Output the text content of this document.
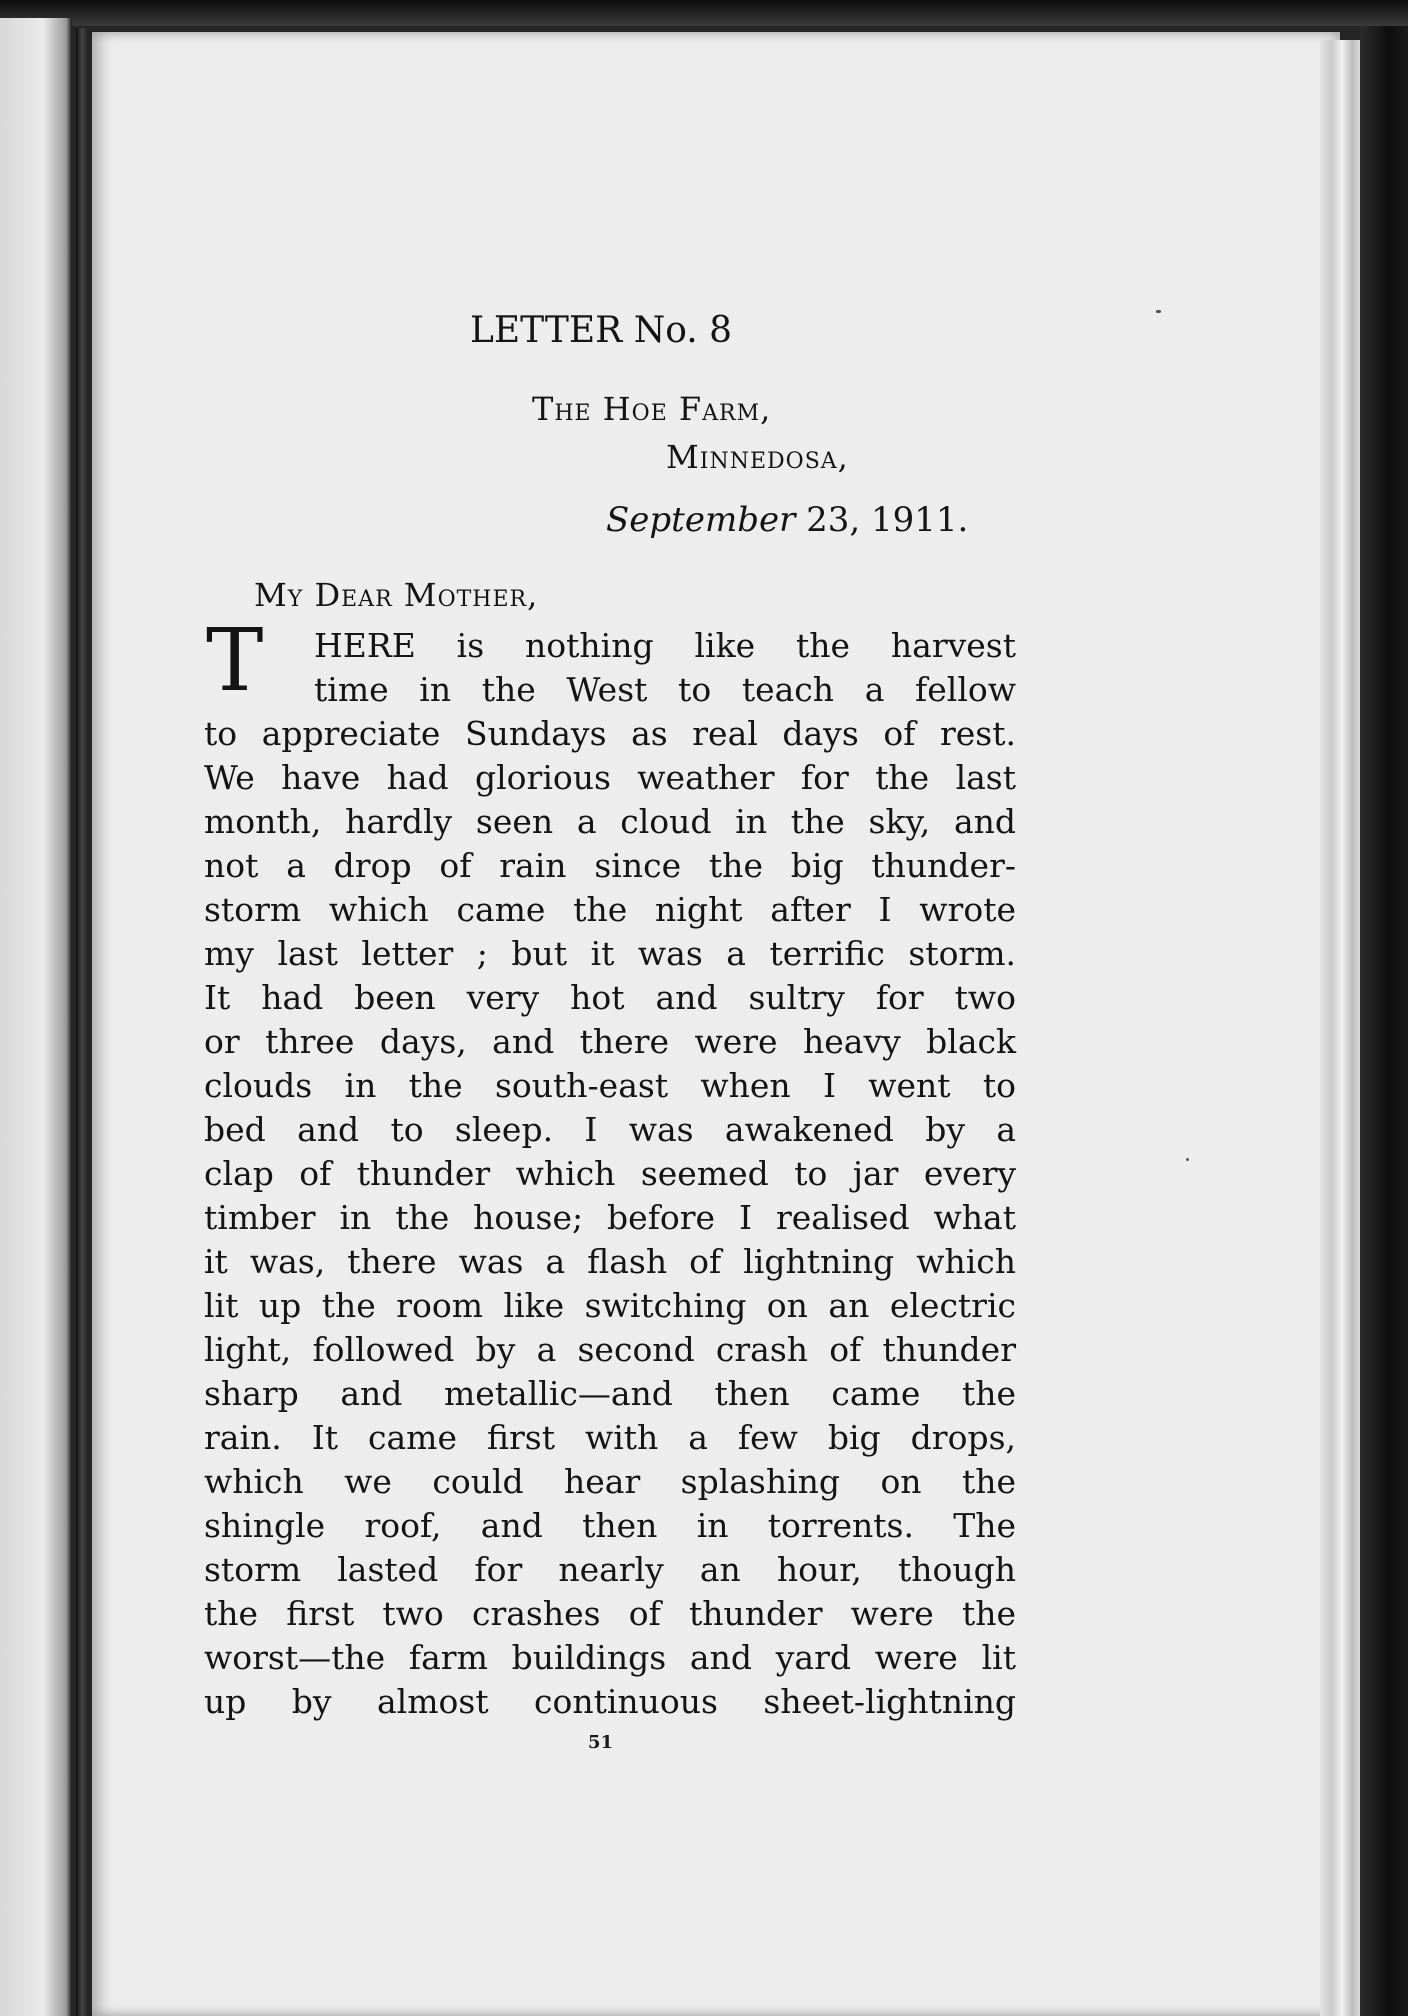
LETTER No. 8
The Hoe Farm,
Minnedosa,
September 23, 1911.
My Dear Mother,
T HERE is nothing like the harvest
time in the West to teach a fellow
to appreciate Sundays as real days of rest.
We have had glorious weather for the last
month, hardly seen a cloud in the sky, and
not a drop of rain since the big thunder-
storm which came the night after I wrote
my last letter ; but it was a terrific storm.
It had been very hot and sultry for two
or three days, and there were heavy black
clouds in the south-east when I went to
bed and to sleep. I was awakened by a
clap of thunder which seemed to jar every
timber in the house; before I realised what
it was, there was a flash of lightning which
lit up the room like switching on an electric
light, followed by a second crash of thunder
sharp and metallic—and then came the
rain. It came first with a few big drops,
which we could hear splashing on the
shingle roof, and then in torrents. The
storm lasted for nearly an hour, though
the first two crashes of thunder were the
worst—the farm buildings and yard were lit
up by almost continuous sheet-lightning
51
